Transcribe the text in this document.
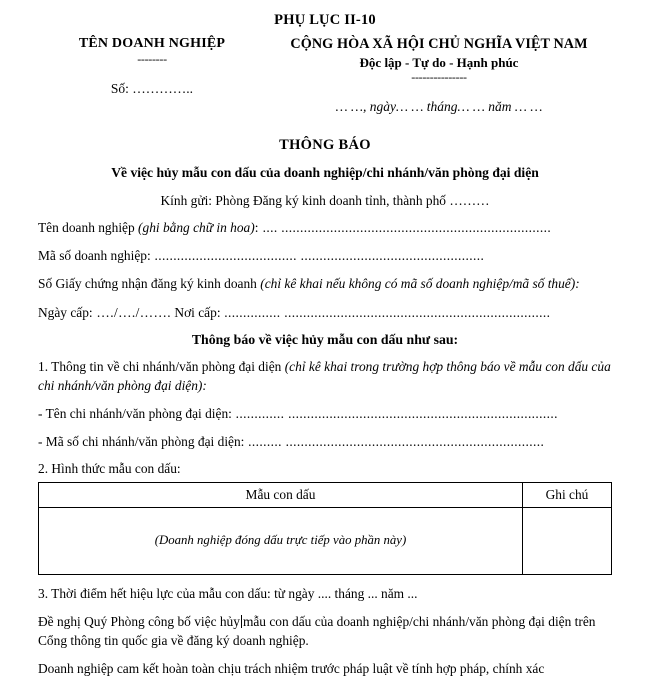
PHỤ LỤC II-10
TÊN DOANH NGHIỆP
--------
Số: …………..
CỘNG HÒA XÃ HỘI CHỦ NGHĨA VIỆT NAM
Độc lập - Tự do - Hạnh phúc
---------------
… …, ngày… … tháng… … năm … …
THÔNG BÁO
Về việc hủy mẫu con dấu của doanh nghiệp/chi nhánh/văn phòng đại diện
Kính gửi: Phòng Đăng ký kinh doanh tỉnh, thành phố ………
Tên doanh nghiệp (ghi bằng chữ in hoa): .... ........................................................................
Mã số doanh nghiệp: ...................................... .................................................
Số Giấy chứng nhận đăng ký kinh doanh (chỉ kê khai nếu không có mã số doanh nghiệp/mã số thuế):
Ngày cấp: …./…./……. Nơi cấp: ............... .......................................................................
Thông báo về việc hủy mẫu con dấu như sau:
1. Thông tin về chi nhánh/văn phòng đại diện (chỉ kê khai trong trường hợp thông báo về mẫu con dấu của chi nhánh/văn phòng đại diện):
- Tên chi nhánh/văn phòng đại diện: ............. ........................................................................
- Mã số chi nhánh/văn phòng đại diện: ......... .....................................................................
2. Hình thức mẫu con dấu:
Mẫu con dấu	Ghi chú
(Doanh nghiệp đóng dấu trực tiếp vào phần này)	
3. Thời điểm hết hiệu lực của mẫu con dấu: từ ngày .... tháng ... năm ...
Đề nghị Quý Phòng công bố việc hủy mẫu con dấu của doanh nghiệp/chi nhánh/văn phòng đại diện trên Cổng thông tin quốc gia về đăng ký doanh nghiệp.
Doanh nghiệp cam kết hoàn toàn chịu trách nhiệm trước pháp luật về tính hợp pháp, chính xác
